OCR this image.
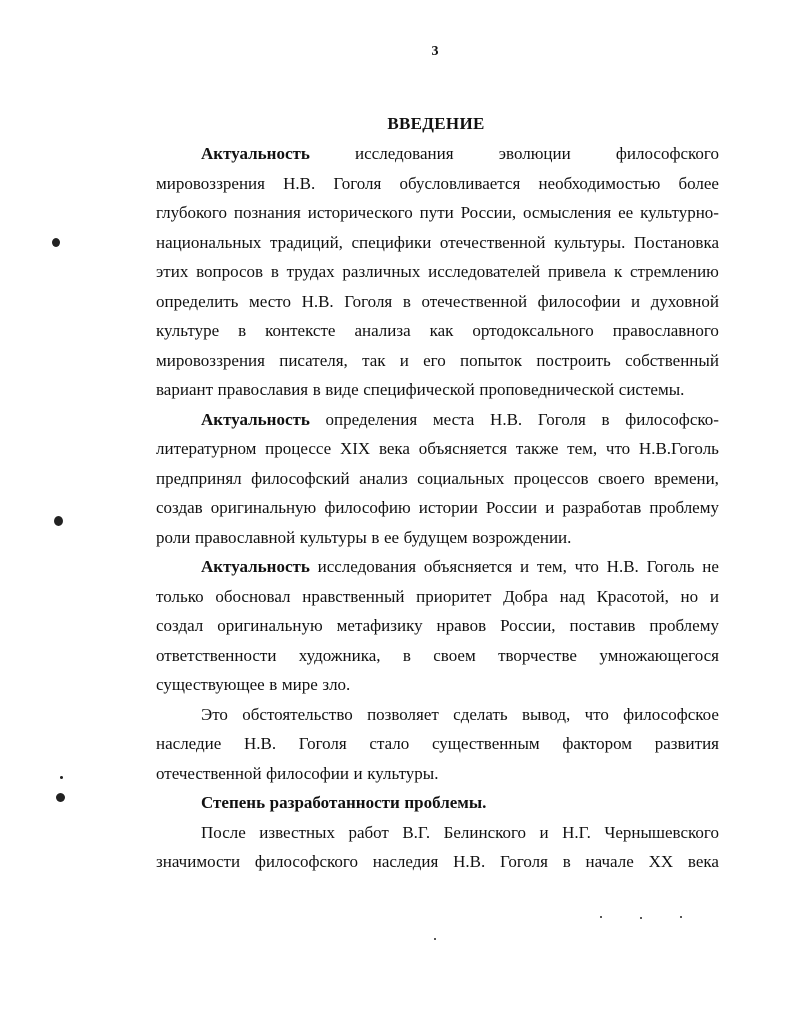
3
ВВЕДЕНИЕ
Актуальность	исследования	эволюции	философского
мировоззрения Н.В. Гоголя обусловливается необходимостью более
глубокого познания исторического пути России, осмысления ее культурно-
национальных традиций, специфики отечественной культуры. Постановка
этих вопросов в трудах различных исследователей привела к стремлению
определить место Н.В. Гоголя в отечественной философии и духовной
культуре в контексте анализа как ортодоксального православного
мировоззрения писателя, так и его попыток построить собственный
вариант православия в виде специфической проповеднической системы.
Актуальность определения места Н.В. Гоголя в философско-
литературном процессе XIX века объясняется также тем, что Н.В.Гоголь
предпринял философский анализ социальных процессов своего времени,
создав оригинальную философию истории России и разработав проблему
роли православной культуры в ее будущем возрождении.
Актуальность исследования объясняется и тем, что Н.В. Гоголь не
только обосновал нравственный приоритет Добра над Красотой, но и
создал оригинальную метафизику нравов России, поставив проблему
ответственности художника, в своем творчестве умножающегося
существующее в мире зло.
Это обстоятельство позволяет сделать вывод, что философское
наследие Н.В. Гоголя стало существенным фактором развития
отечественной философии и культуры.
Степень разработанности проблемы.
После известных работ В.Г. Белинского и Н.Г. Чернышевского
значимости философского наследия Н.В. Гоголя в начале XX века
